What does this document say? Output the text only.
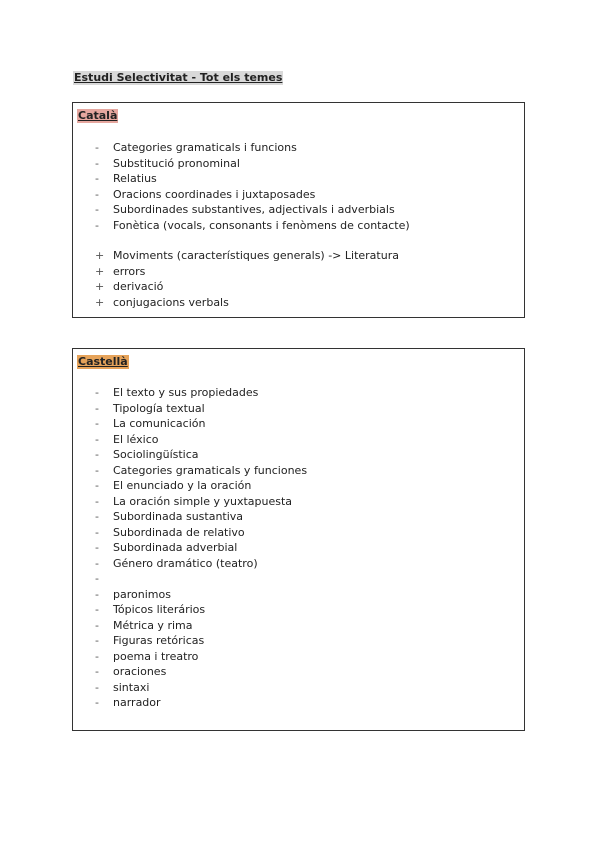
Estudi Selectivitat - Tot els temes
Català
-	Categories gramaticals i funcions
-	Substitució pronominal
-	Relatius
-	Oracions coordinades i juxtaposades
-	Subordinades substantives, adjectivals i adverbials
-	Fonètica (vocals, consonants i fenòmens de contacte)
+ Moviments (característiques generals) -> Literatura
+ errors
+ derivació
+ conjugacions verbals
Castellà
-	El texto y sus propiedades
-	Tipología textual
-	La comunicación
-	El léxico
-	Sociolingüística
-	Categories gramaticals y funciones
-	El enunciado y la oración
-	La oración simple y yuxtapuesta
-	Subordinada sustantiva
-	Subordinada de relativo
-	Subordinada adverbial
-	Género dramático (teatro)
-
-	paronimos
-	Tópicos literários
-	Métrica y rima
-	Figuras retóricas
-	poema i treatro
-	oraciones
-	sintaxi
-	narrador
